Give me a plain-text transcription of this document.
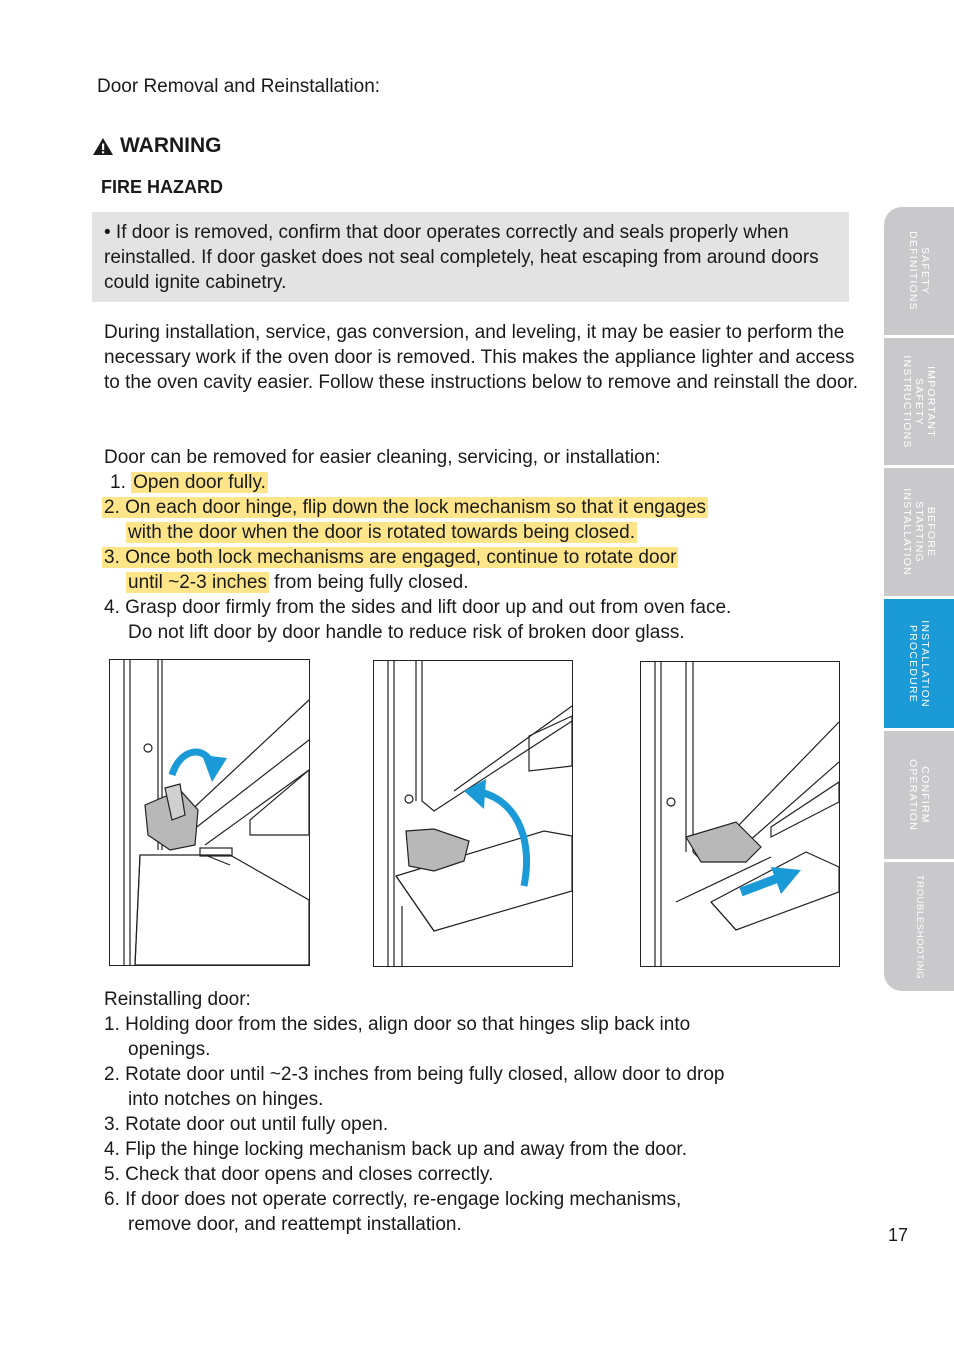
Door Removal and Reinstallation:
WARNING
FIRE HAZARD

• If door is removed, confirm that door operates correctly and seals properly when reinstalled. If door gasket does not seal completely, heat escaping from around doors could ignite cabinetry.

During installation, service, gas conversion, and leveling, it may be easier to perform the necessary work if the oven door is removed. This makes the appliance lighter and access to the oven cavity easier. Follow these instructions below to remove and reinstall the door.
Door can be removed for easier cleaning, servicing, or installation:
1. Open door fully.
2. On each door hinge, flip down the lock mechanism so that it engages
with the door when the door is rotated towards being closed.
3. Once both lock mechanisms are engaged, continue to rotate door
until ~2-3 inches from being fully closed.
4. Grasp door firmly from the sides and lift door up and out from oven face.
Do not lift door by door handle to reduce risk of broken door glass.
Reinstalling door:
1. Holding door from the sides, align door so that hinges slip back into
openings.
2. Rotate door until ~2-3 inches from being fully closed, allow door to drop
into notches on hinges.
3. Rotate door out until fully open.
4. Flip the hinge locking mechanism back up and away from the door.
5. Check that door opens and closes correctly.
6. If door does not operate correctly, re-engage locking mechanisms,
remove door, and reattempt installation.
SAFETY
DEFINITIONS
IMPORTANT
SAFETY
INSTRUCTIONS
BEFORE
STARTING
INSTALLATION
INSTALLATION
PROCEDURE
CONFIRM
OPERATION
TROUBLESHOOTING
17
